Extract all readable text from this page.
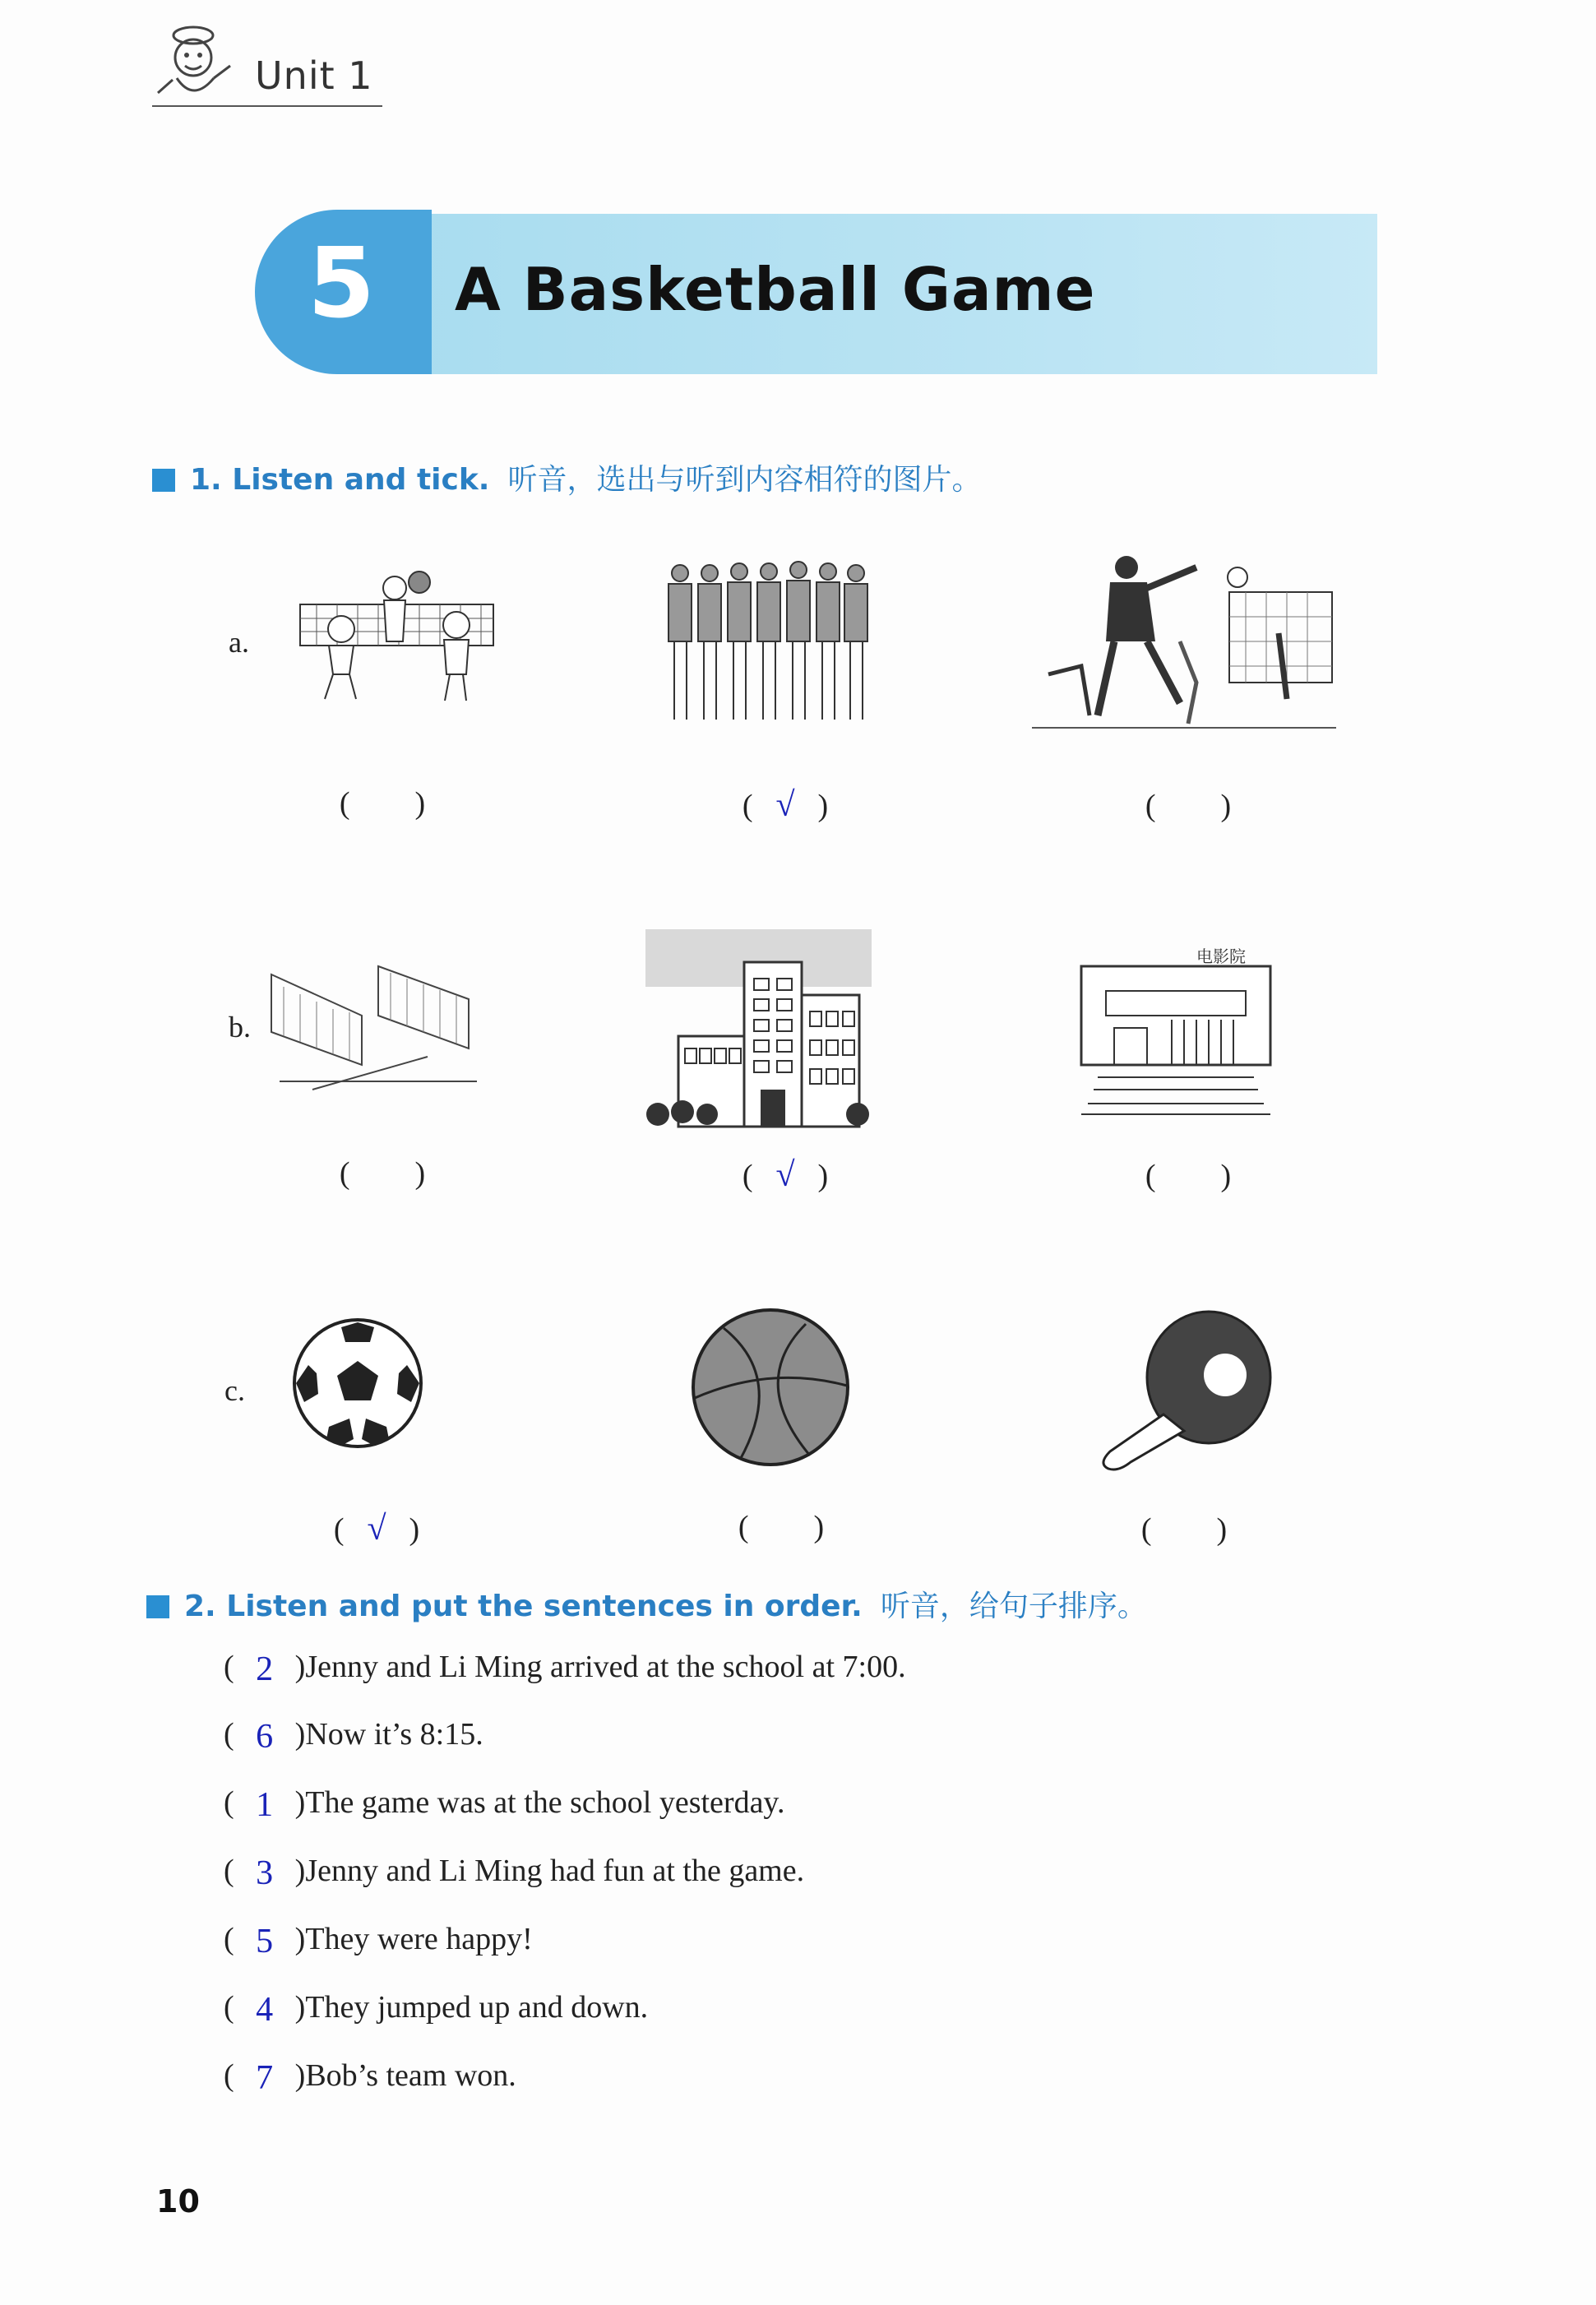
Unit 1
5 A Basketball Game
1. Listen and tick. 听音，选出与听到内容相符的图片。
a.
(  )	( √ )	(  )
b.
电影院
(  )	( √ )	(  )
c.
( √ )	(  )	(  )
2. Listen and put the sentences in order. 听音，给句子排序。
( 2 )Jenny and Li Ming arrived at the school at 7:00.
( 6 )Now it’s 8:15.
( 1 )The game was at the school yesterday.
( 3 )Jenny and Li Ming had fun at the game.
( 5 )They were happy!
( 4 )They jumped up and down.
( 7 )Bob’s team won.
10
